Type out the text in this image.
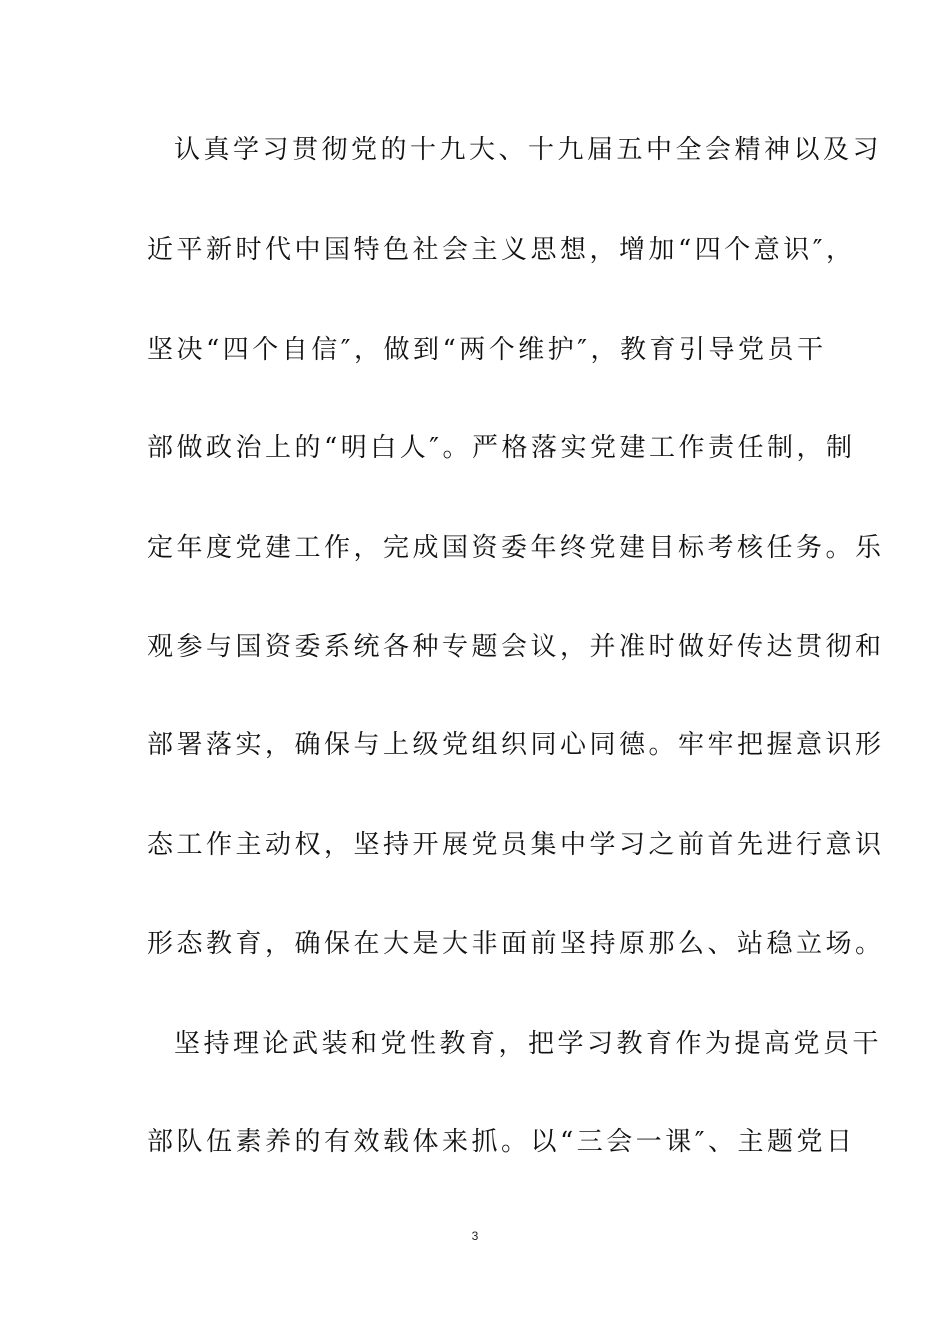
认真学习贯彻党的十九大、十九届五中全会精神以及习
近平新时代中国特色社会主义思想，增加“四个意识″，
坚决“四个自信″，做到“两个维护″，教育引导党员干
部做政治上的“明白人″。严格落实党建工作责任制，制
定年度党建工作，完成国资委年终党建目标考核任务。乐
观参与国资委系统各种专题会议，并准时做好传达贯彻和
部署落实，确保与上级党组织同心同德。牢牢把握意识形
态工作主动权，坚持开展党员集中学习之前首先进行意识
形态教育，确保在大是大非面前坚持原那么、站稳立场。
坚持理论武装和党性教育，把学习教育作为提高党员干
部队伍素养的有效载体来抓。以“三会一课″、主题党日
3
